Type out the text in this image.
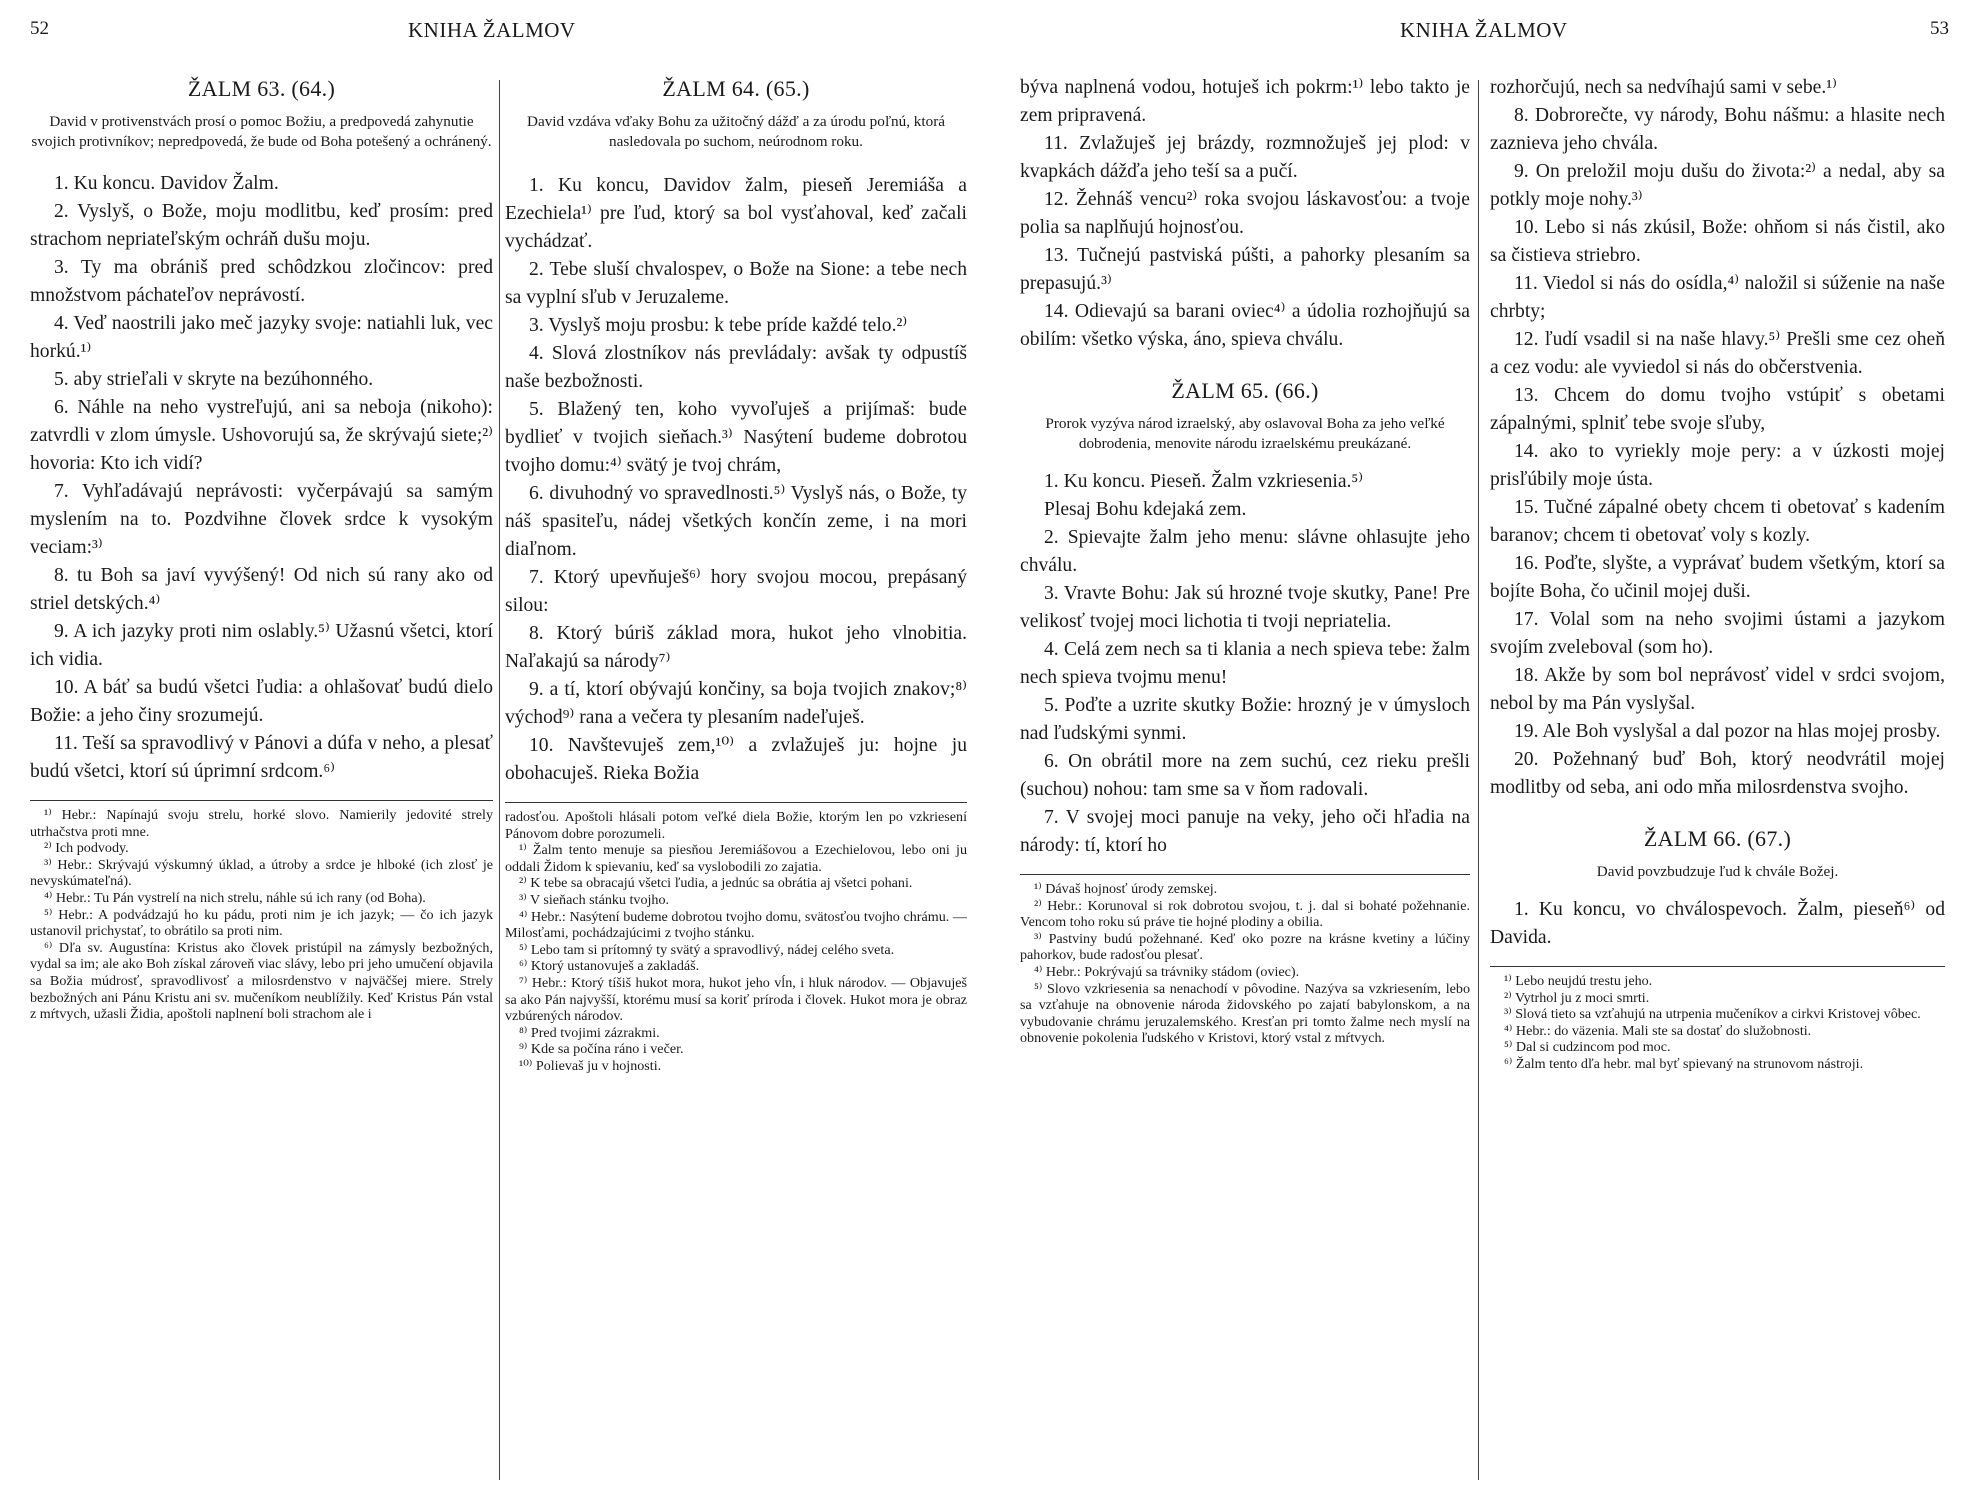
52	KNIHA ŽALMOV
ŽALM 63. (64.)
David v protivenstvách prosí o pomoc Božiu, a predpovedá zahynutie svojich protivníkov; nepredpovedá, že bude od Boha potešený a ochránený.

1. Ku koncu. Davidov Žalm.

2. Vyslyš, o Bože, moju modlitbu, keď prosím: pred strachom nepriateľským ochráň dušu moju.

3. Ty ma obrániš pred schôdzkou zločincov: pred množstvom páchateľov neprávostí.

4. Veď naostrili jako meč jazyky svoje: natiahli luk, vec horkú.¹⁾

5. aby strieľali v skryte na bezúhonného.

6. Náhle na neho vystreľujú, ani sa neboja (nikoho): zatvrdli v zlom úmysle. Ushovorujú sa, že skrývajú siete;²⁾ hovoria: Kto ich vidí?

7. Vyhľadávajú neprávosti: vyčerpávajú sa samým myslením na to. Pozdvihne človek srdce k vysokým veciam:³⁾

8. tu Boh sa javí vyvýšený! Od nich sú rany ako od striel detských.⁴⁾

9. A ich jazyky proti nim oslably.⁵⁾ Užasnú všetci, ktorí ich vidia.

10. A báť sa budú všetci ľudia: a ohlašovať budú dielo Božie: a jeho činy srozumejú.

11. Teší sa spravodlivý v Pánovi a dúfa v neho, a plesať budú všetci, ktorí sú úprimní srdcom.⁶⁾

¹⁾ Hebr.: Napínajú svoju strelu, horké slovo. Namierily jedovité strely utrhačstva proti mne.

²⁾ Ich podvody.

³⁾ Hebr.: Skrývajú výskumný úklad, a útroby a srdce je hlboké (ich zlosť je nevyskúmateľná).

⁴⁾ Hebr.: Tu Pán vystrelí na nich strelu, náhle sú ich rany (od Boha).

⁵⁾ Hebr.: A podvádzajú ho ku pádu, proti nim je ich jazyk; — čo ich jazyk ustanovil prichystať, to obrátilo sa proti nim.

⁶⁾ Dľa sv. Augustína: Kristus ako človek pristúpil na zámysly bezbožných, vydal sa im; ale ako Boh získal zároveň viac slávy, lebo pri jeho umučení objavila sa Božia múdrosť, spravodlivosť a milosrdenstvo v najväčšej miere. Strely bezbožných ani Pánu Kristu ani sv. mučeníkom neublížily. Keď Kristus Pán vstal z mŕtvych, užasli Židia, apoštoli naplnení boli strachom ale i

ŽALM 64. (65.)
David vzdáva vďaky Bohu za užitočný dážď a za úrodu poľnú, ktorá nasledovala po suchom, neúrodnom roku.

1. Ku koncu, Davidov žalm, pieseň Jeremiáša a Ezechiela¹⁾ pre ľud, ktorý sa bol vysťahoval, keď začali vychádzať.

2. Tebe sluší chvalospev, o Bože na Sione: a tebe nech sa vyplní sľub v Jeruzaleme.

3. Vyslyš moju prosbu: k tebe príde každé telo.²⁾

4. Slová zlostníkov nás prevládaly: avšak ty odpustíš naše bezbožnosti.

5. Blažený ten, koho vyvoľuješ a prijímaš: bude bydlieť v tvojich sieňach.³⁾ Nasýtení budeme dobrotou tvojho domu:⁴⁾ svätý je tvoj chrám,

6. divuhodný vo spravedlnosti.⁵⁾ Vyslyš nás, o Bože, ty náš spasiteľu, nádej všetkých končín zeme, i na mori diaľnom.

7. Ktorý upevňuješ⁶⁾ hory svojou mocou, prepásaný silou:

8. Ktorý búriš základ mora, hukot jeho vlnobitia. Naľakajú sa národy⁷⁾

9. a tí, ktorí obývajú končiny, sa boja tvojich znakov;⁸⁾ východ⁹⁾ rana a večera ty plesaním nadeľuješ.

10. Navštevuješ zem,¹⁰⁾ a zvlažuješ ju: hojne ju obohacuješ. Rieka Božia

radosťou. Apoštoli hlásali potom veľké diela Božie, ktorým len po vzkriesení Pánovom dobre porozumeli.

¹⁾ Žalm tento menuje sa piesňou Jeremiášovou a Ezechielovou, lebo oni ju oddali Židom k spievaniu, keď sa vyslobodili zo zajatia.

²⁾ K tebe sa obracajú všetci ľudia, a jednúc sa obrátia aj všetci pohani.

³⁾ V sieňach stánku tvojho.

⁴⁾ Hebr.: Nasýtení budeme dobrotou tvojho domu, svätosťou tvojho chrámu. — Milosťami, pochádzajúcimi z tvojho stánku.

⁵⁾ Lebo tam si prítomný ty svätý a spravodlivý, nádej celého sveta.

⁶⁾ Ktorý ustanovuješ a zakladáš.

⁷⁾ Hebr.: Ktorý tíšiš hukot mora, hukot jeho vĺn, i hluk národov. — Objavuješ sa ako Pán najvyšší, ktorému musí sa koriť príroda i človek. Hukot mora je obraz vzbúrených národov.

⁸⁾ Pred tvojimi zázrakmi.

⁹⁾ Kde sa počína ráno i večer.

¹⁰⁾ Polievaš ju v hojnosti.

KNIHA ŽALMOV	53

býva naplnená vodou, hotuješ ich pokrm:¹⁾ lebo takto je zem pripravená.

11. Zvlažuješ jej brázdy, rozmnožuješ jej plod: v kvapkách dážďa jeho teší sa a pučí.

12. Žehnáš vencu²⁾ roka svojou láskavosťou: a tvoje polia sa naplňujú hojnosťou.

13. Tučnejú pastviská púšti, a pahorky plesaním sa prepasujú.³⁾

14. Odievajú sa barani oviec⁴⁾ a údolia rozhojňujú sa obilím: všetko výska, áno, spieva chválu.

ŽALM 65. (66.)
Prorok vyzýva národ izraelský, aby oslavoval Boha za jeho veľké dobrodenia, menovite národu izraelskému preukázané.

1. Ku koncu. Pieseň. Žalm vzkriesenia.⁵⁾

Plesaj Bohu kdejaká zem.

2. Spievajte žalm jeho menu: slávne ohlasujte jeho chválu.

3. Vravte Bohu: Jak sú hrozné tvoje skutky, Pane! Pre velikosť tvojej moci lichotia ti tvoji nepriatelia.

4. Celá zem nech sa ti klania a nech spieva tebe: žalm nech spieva tvojmu menu!

5. Poďte a uzrite skutky Božie: hrozný je v úmysloch nad ľudskými synmi.

6. On obrátil more na zem suchú, cez rieku prešli (suchou) nohou: tam sme sa v ňom radovali.

7. V svojej moci panuje na veky, jeho oči hľadia na národy: tí, ktorí ho

¹⁾ Dávaš hojnosť úrody zemskej.

²⁾ Hebr.: Korunoval si rok dobrotou svojou, t. j. dal si bohaté požehnanie. Vencom toho roku sú práve tie hojné plodiny a obilia.

³⁾ Pastviny budú požehnané. Keď oko pozre na krásne kvetiny a lúčiny pahorkov, bude radosťou plesať.

⁴⁾ Hebr.: Pokrývajú sa trávniky stádom (oviec).

⁵⁾ Slovo vzkriesenia sa nenachodí v pôvodine. Nazýva sa vzkriesením, lebo sa vzťahuje na obnovenie národa židovského po zajatí babylonskom, a na vybudovanie chrámu jeruzalemského. Kresťan pri tomto žalme nech myslí na obnovenie pokolenia ľudského v Kristovi, ktorý vstal z mŕtvych.

rozhorčujú, nech sa nedvíhajú sami v sebe.¹⁾

8. Dobrorečte, vy národy, Bohu nášmu: a hlasite nech zaznieva jeho chvála.

9. On preložil moju dušu do života:²⁾ a nedal, aby sa potkly moje nohy.³⁾

10. Lebo si nás zkúsil, Bože: ohňom si nás čistil, ako sa čistieva striebro.

11. Viedol si nás do osídla,⁴⁾ naložil si súženie na naše chrbty;

12. ľudí vsadil si na naše hlavy.⁵⁾ Prešli sme cez oheň a cez vodu: ale vyviedol si nás do občerstvenia.

13. Chcem do domu tvojho vstúpiť s obetami zápalnými, splniť tebe svoje sľuby,

14. ako to vyriekly moje pery: a v úzkosti mojej prisľúbily moje ústa.

15. Tučné zápalné obety chcem ti obetovať s kadením baranov; chcem ti obetovať voly s kozly.

16. Poďte, slyšte, a vyprávať budem všetkým, ktorí sa bojíte Boha, čo učinil mojej duši.

17. Volal som na neho svojimi ústami a jazykom svojím zveleboval (som ho).

18. Akže by som bol neprávosť videl v srdci svojom, nebol by ma Pán vyslyšal.

19. Ale Boh vyslyšal a dal pozor na hlas mojej prosby.

20. Požehnaný buď Boh, ktorý neodvrátil mojej modlitby od seba, ani odo mňa milosrdenstva svojho.

ŽALM 66. (67.)
David povzbudzuje ľud k chvále Božej.

1. Ku koncu, vo chválospevoch. Žalm, pieseň⁶⁾ od Davida.

¹⁾ Lebo neujdú trestu jeho.

²⁾ Vytrhol ju z moci smrti.

³⁾ Slová tieto sa vzťahujú na utrpenia mučeníkov a cirkvi Kristovej vôbec.

⁴⁾ Hebr.: do väzenia. Mali ste sa dostať do služobnosti.

⁵⁾ Dal si cudzincom pod moc.

⁶⁾ Žalm tento dľa hebr. mal byť spievaný na strunovom nástroji.
